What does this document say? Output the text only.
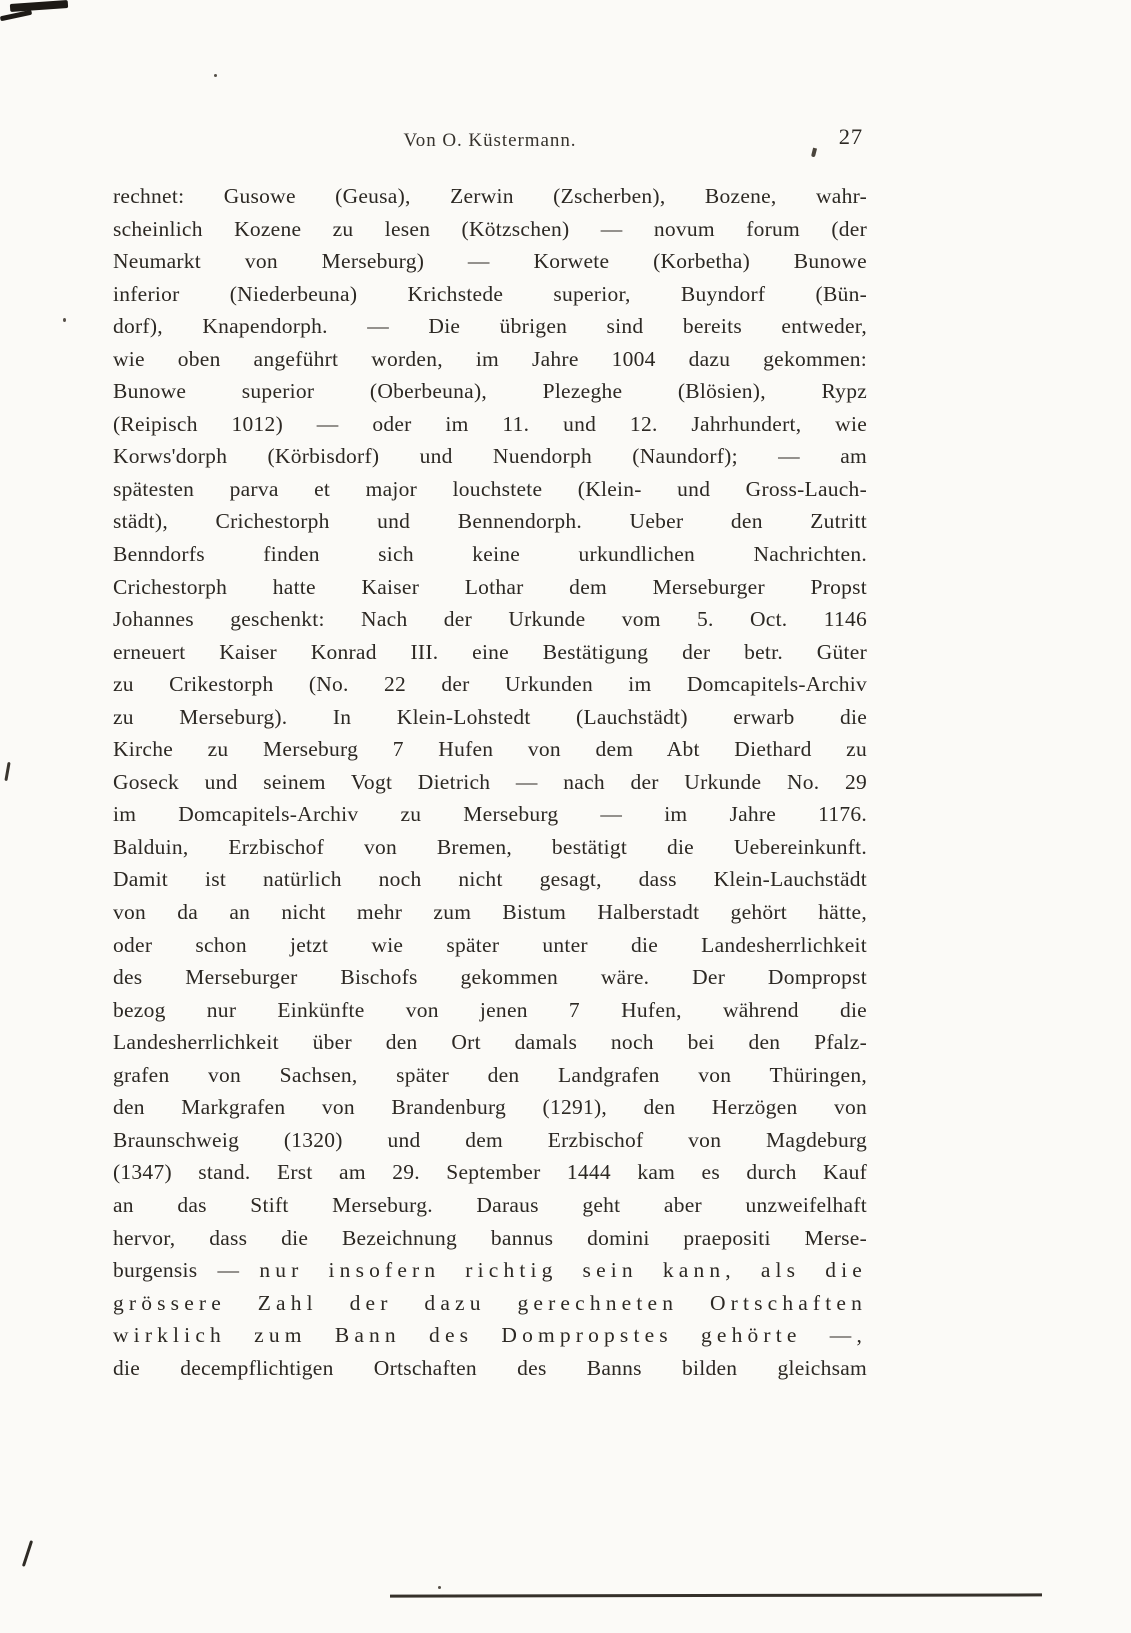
Von O. Küstermann.	27
rechnet: Gusowe (Geusa), Zerwin (Zscherben), Bozene, wahr-
scheinlich Kozene zu lesen (Kötzschen) — novum forum (der
Neumarkt von Merseburg) — Korwete (Korbetha) Bunowe
inferior (Niederbeuna) Krichstede superior, Buyndorf (Bün-
dorf), Knapendorph. — Die übrigen sind bereits entweder,
wie oben angeführt worden, im Jahre 1004 dazu gekommen:
Bunowe superior (Oberbeuna), Plezeghe (Blösien), Rypz
(Reipisch 1012) — oder im 11. und 12. Jahrhundert, wie
Korws'dorph (Körbisdorf) und Nuendorph (Naundorf); — am
spätesten parva et major louchstete (Klein- und Gross-Lauch-
städt), Crichestorph und Bennendorph. Ueber den Zutritt
Benndorfs finden sich keine urkundlichen Nachrichten.
Crichestorph hatte Kaiser Lothar dem Merseburger Propst
Johannes geschenkt: Nach der Urkunde vom 5. Oct. 1146
erneuert Kaiser Konrad III. eine Bestätigung der betr. Güter
zu Crikestorph (No. 22 der Urkunden im Domcapitels-Archiv
zu Merseburg). In Klein-Lohstedt (Lauchstädt) erwarb die
Kirche zu Merseburg 7 Hufen von dem Abt Diethard zu
Goseck und seinem Vogt Dietrich — nach der Urkunde No. 29
im Domcapitels-Archiv zu Merseburg — im Jahre 1176.
Balduin, Erzbischof von Bremen, bestätigt die Uebereinkunft.
Damit ist natürlich noch nicht gesagt, dass Klein-Lauchstädt
von da an nicht mehr zum Bistum Halberstadt gehört hätte,
oder schon jetzt wie später unter die Landesherrlichkeit
des Merseburger Bischofs gekommen wäre. Der Dompropst
bezog nur Einkünfte von jenen 7 Hufen, während die
Landesherrlichkeit über den Ort damals noch bei den Pfalz-
grafen von Sachsen, später den Landgrafen von Thüringen,
den Markgrafen von Brandenburg (1291), den Herzögen von
Braunschweig (1320) und dem Erzbischof von Magdeburg
(1347) stand. Erst am 29. September 1444 kam es durch Kauf
an das Stift Merseburg. Daraus geht aber unzweifelhaft
hervor, dass die Bezeichnung bannus domini praepositi Merse-
burgensis — nur insofern richtig sein kann, als die
grössere Zahl der dazu gerechneten Ortschaften
wirklich zum Bann des Dompropstes gehörte —,
die decempflichtigen Ortschaften des Banns bilden gleichsam
